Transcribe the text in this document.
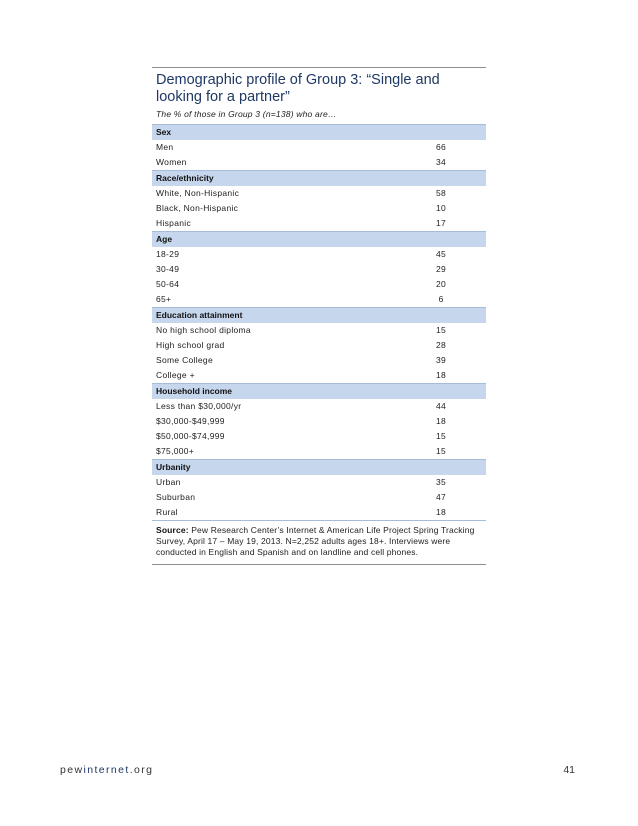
Demographic profile of Group 3: “Single and looking for a partner”

The % of those in Group 3 (n=138) who are…

Sex
Men	66
Women	34
Race/ethnicity
White, Non-Hispanic	58
Black, Non-Hispanic	10
Hispanic	17
Age
18-29	45
30-49	29
50-64	20
65+	6
Education attainment
No high school diploma	15
High school grad	28
Some College	39
College +	18
Household income
Less than $30,000/yr	44
$30,000-$49,999	18
$50,000-$74,999	15
$75,000+	15
Urbanity
Urban	35
Suburban	47
Rural	18
Source: Pew Research Center’s Internet & American Life Project Spring Tracking Survey, April 17 – May 19, 2013. N=2,252 adults ages 18+. Interviews were conducted in English and Spanish and on landline and cell phones.
pewinternet.org	41
